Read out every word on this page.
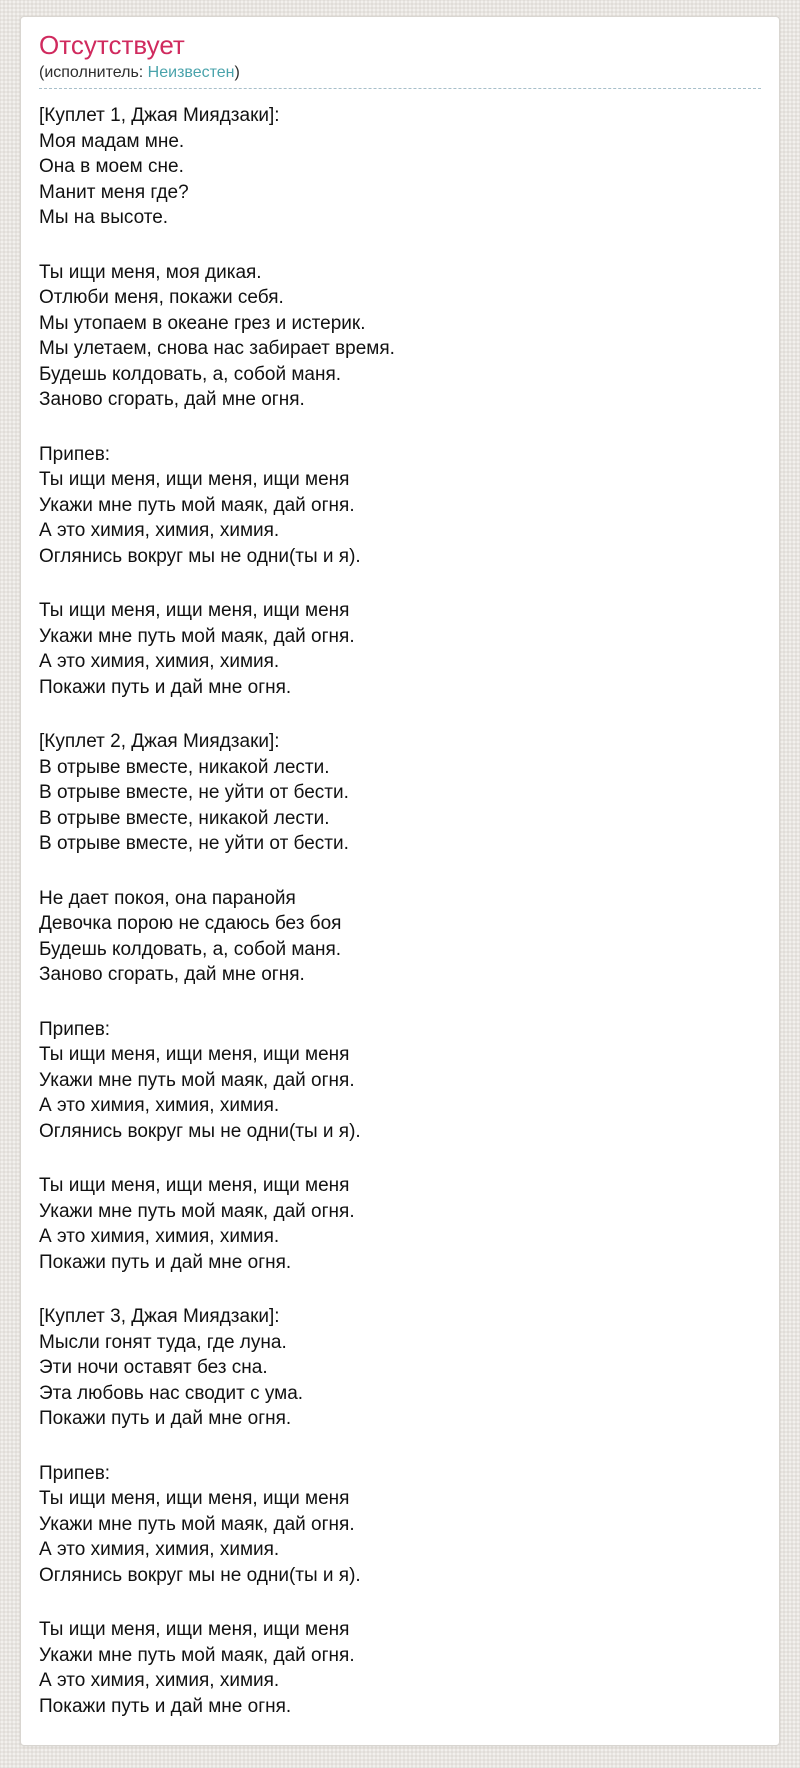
Отсутствует
(исполнитель: Неизвестен)

[Куплет 1, Джая Миядзаки]:
Моя мадам мне.
Она в моем сне.
Манит меня где?
Мы на высоте.

Ты ищи меня, моя дикая.
Отлюби меня, покажи себя.
Мы утопаем в океане грез и истерик.
Мы улетаем, снова нас забирает время.
Будешь колдовать, а, собой маня.
Заново сгорать, дай мне огня.

Припев:
Ты ищи меня, ищи меня, ищи меня
Укажи мне путь мой маяк, дай огня.
А это химия, химия, химия.
Оглянись вокруг мы не одни(ты и я).

Ты ищи меня, ищи меня, ищи меня
Укажи мне путь мой маяк, дай огня.
А это химия, химия, химия.
Покажи путь и дай мне огня.

[Куплет 2, Джая Миядзаки]:
В отрыве вместе, никакой лести.
В отрыве вместе, не уйти от бести.
В отрыве вместе, никакой лести.
В отрыве вместе, не уйти от бести.

Не дает покоя, она паранойя
Девочка порою не сдаюсь без боя
Будешь колдовать, а, собой маня.
Заново сгорать, дай мне огня.

Припев:
Ты ищи меня, ищи меня, ищи меня
Укажи мне путь мой маяк, дай огня.
А это химия, химия, химия.
Оглянись вокруг мы не одни(ты и я).

Ты ищи меня, ищи меня, ищи меня
Укажи мне путь мой маяк, дай огня.
А это химия, химия, химия.
Покажи путь и дай мне огня.

[Куплет 3, Джая Миядзаки]:
Мысли гонят туда, где луна.
Эти ночи оставят без сна.
Эта любовь нас сводит с ума.
Покажи путь и дай мне огня.

Припев:
Ты ищи меня, ищи меня, ищи меня
Укажи мне путь мой маяк, дай огня.
А это химия, химия, химия.
Оглянись вокруг мы не одни(ты и я).

Ты ищи меня, ищи меня, ищи меня
Укажи мне путь мой маяк, дай огня.
А это химия, химия, химия.
Покажи путь и дай мне огня.
